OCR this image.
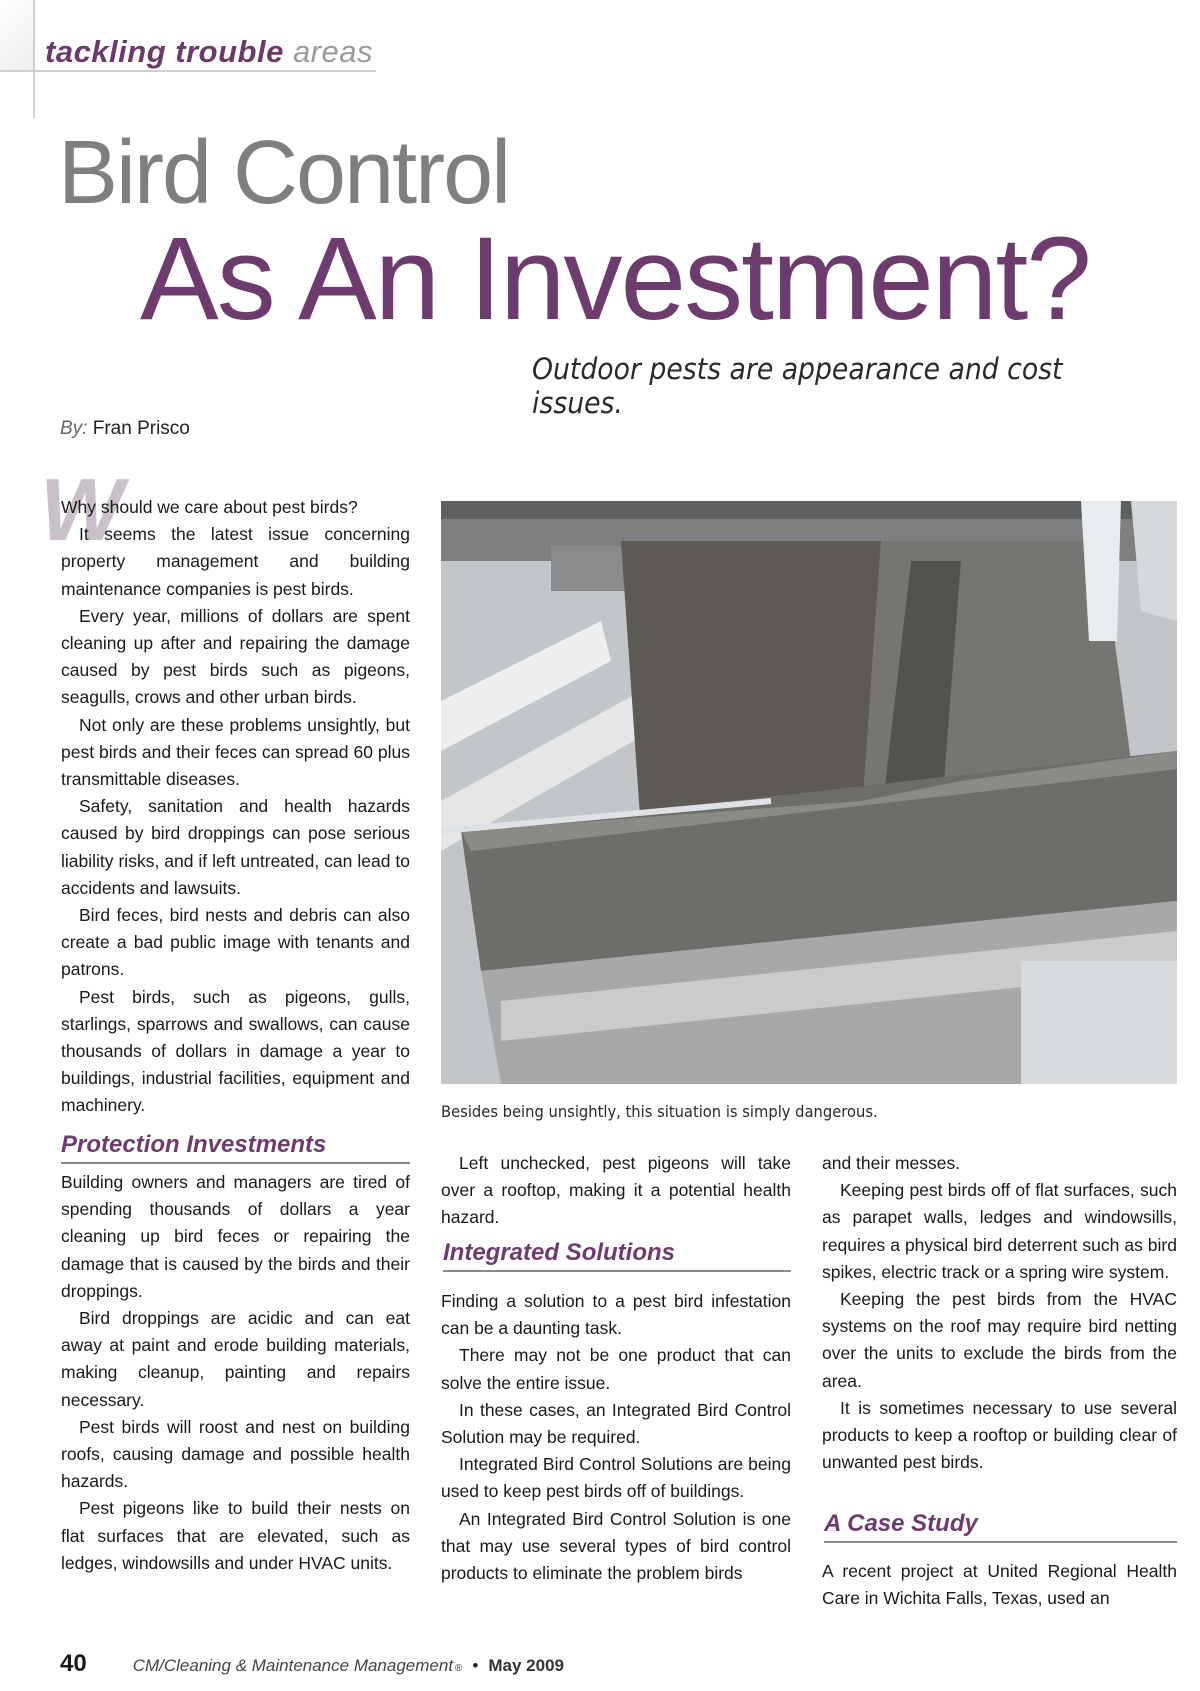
tackling trouble areas
Bird Control
As An Investment?
Outdoor pests are appearance and cost issues.
By: Fran Prisco
W

Why should we care about pest birds?

It seems the latest issue concerning property management and building maintenance companies is pest birds.

Every year, millions of dollars are spent cleaning up after and repairing the damage caused by pest birds such as pigeons, seagulls, crows and other urban birds.

Not only are these problems unsightly, but pest birds and their feces can spread 60 plus transmittable diseases.

Safety, sanitation and health hazards caused by bird droppings can pose serious liability risks, and if left untreated, can lead to accidents and lawsuits.

Bird feces, bird nests and debris can also create a bad public image with tenants and patrons.

Pest birds, such as pigeons, gulls, starlings, sparrows and swallows, can cause thousands of dollars in damage a year to buildings, industrial facilities, equipment and machinery.

Protection Investments

Building owners and managers are tired of spending thousands of dollars a year cleaning up bird feces or repairing the damage that is caused by the birds and their droppings.

Bird droppings are acidic and can eat away at paint and erode building materials, making cleanup, painting and repairs necessary.

Pest birds will roost and nest on building roofs, causing damage and possible health hazards.

Pest pigeons like to build their nests on flat surfaces that are elevated, such as ledges, windowsills and under HVAC units.

Besides being unsightly, this situation is simply dangerous.

Left unchecked, pest pigeons will take over a rooftop, making it a potential health hazard.

Integrated Solutions

Finding a solution to a pest bird infestation can be a daunting task.

There may not be one product that can solve the entire issue.

In these cases, an Integrated Bird Control Solution may be required.

Integrated Bird Control Solutions are being used to keep pest birds off of buildings.

An Integrated Bird Control Solution is one that may use several types of bird control products to eliminate the problem birds

and their messes.

Keeping pest birds off of flat surfaces, such as parapet walls, ledges and windowsills, requires a physical bird deterrent such as bird spikes, electric track or a spring wire system.

Keeping the pest birds from the HVAC systems on the roof may require bird netting over the units to exclude the birds from the area.

It is sometimes necessary to use several products to keep a rooftop or building clear of unwanted pest birds.

A Case Study

A recent project at United Regional Health Care in Wichita Falls, Texas, used an

40	CM/Cleaning & Maintenance Management ® • May 2009
